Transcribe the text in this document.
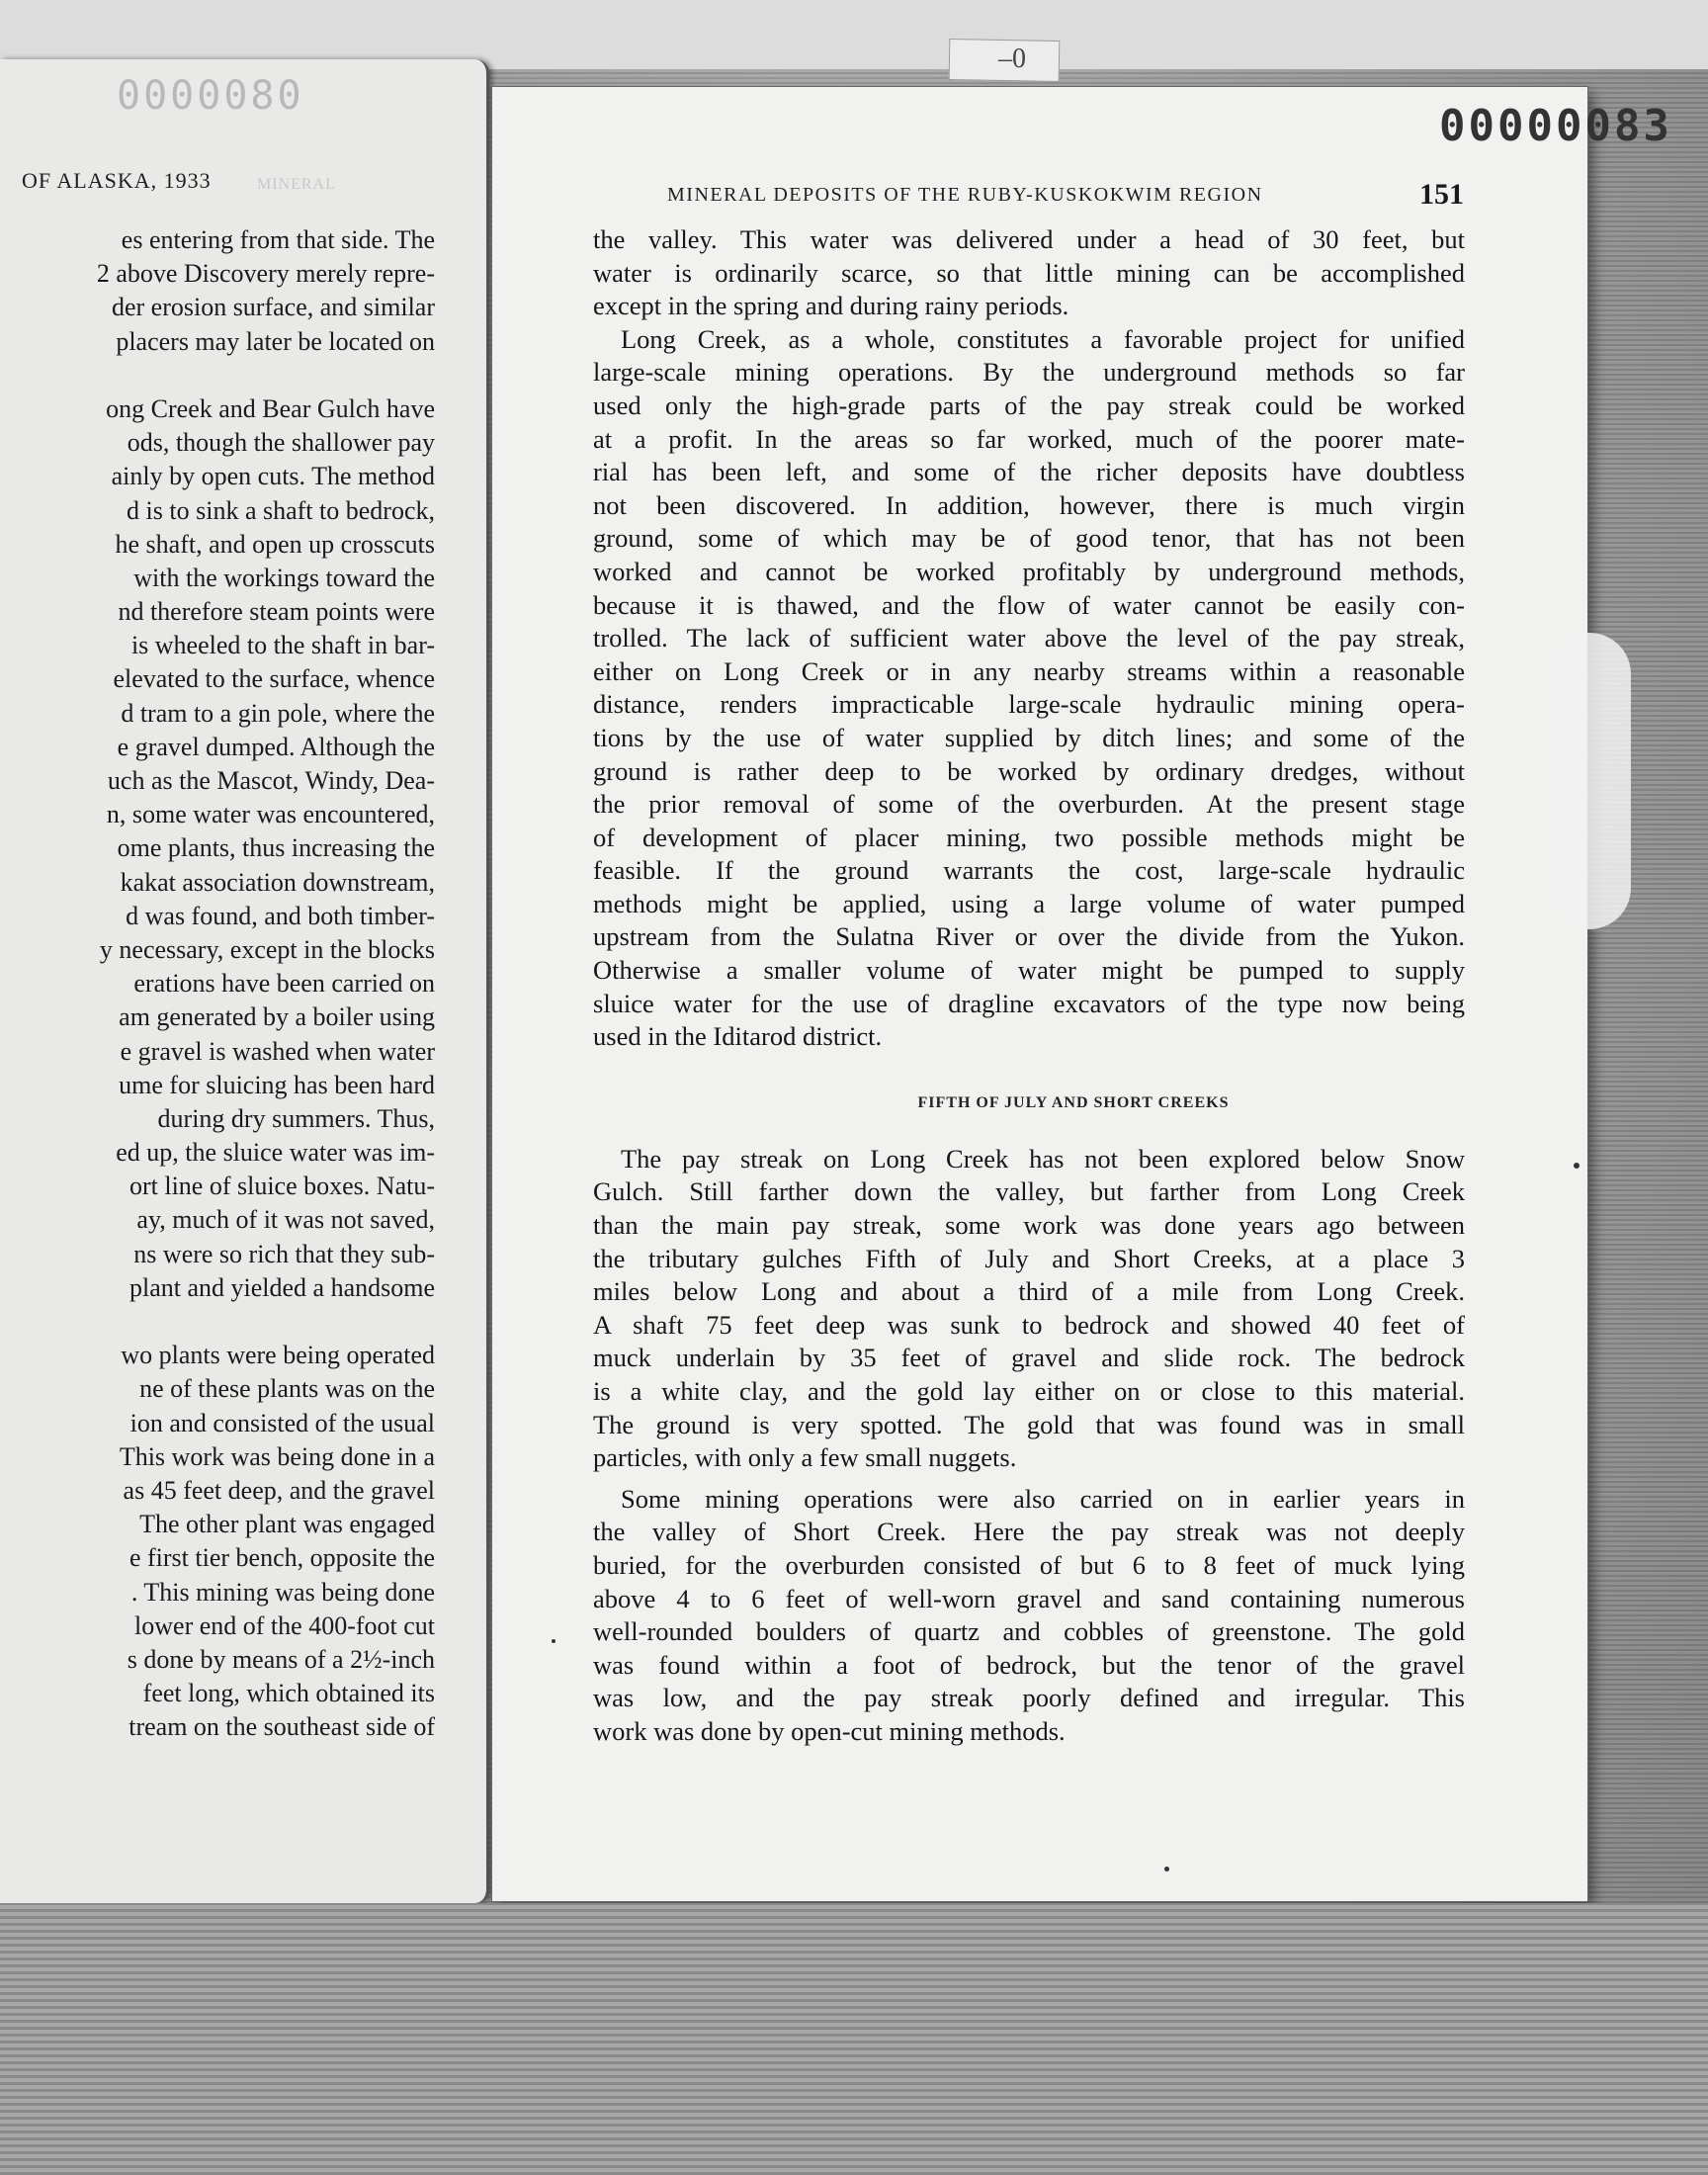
–0
0000080
OF ALASKA, 1933	MINERAL
es entering from that side. The
2 above Discovery merely repre-
der erosion surface, and similar
placers may later be located on
ong Creek and Bear Gulch have
ods, though the shallower pay
ainly by open cuts. The method
d is to sink a shaft to bedrock,
he shaft, and open up crosscuts
with the workings toward the
nd therefore steam points were
is wheeled to the shaft in bar-
elevated to the surface, whence
d tram to a gin pole, where the
e gravel dumped. Although the
uch as the Mascot, Windy, Dea-
n, some water was encountered,
ome plants, thus increasing the
kakat association downstream,
d was found, and both timber-
y necessary, except in the blocks
erations have been carried on
am generated by a boiler using
e gravel is washed when water
ume for sluicing has been hard
during dry summers. Thus,
ed up, the sluice water was im-
ort line of sluice boxes. Natu-
ay, much of it was not saved,
ns were so rich that they sub-
plant and yielded a handsome
wo plants were being operated
ne of these plants was on the
ion and consisted of the usual
This work was being done in a
as 45 feet deep, and the gravel
The other plant was engaged
e first tier bench, opposite the
. This mining was being done
lower end of the 400-foot cut
s done by means of a 2½-inch
feet long, which obtained its
tream on the southeast side of
00000083
MINERAL DEPOSITS OF THE RUBY-KUSKOKWIM REGION	151
the valley. This water was delivered under a head of 30 feet, but
water is ordinarily scarce, so that little mining can be accomplished
except in the spring and during rainy periods.
Long Creek, as a whole, constitutes a favorable project for unified
large-scale mining operations. By the underground methods so far
used only the high-grade parts of the pay streak could be worked
at a profit. In the areas so far worked, much of the poorer mate-
rial has been left, and some of the richer deposits have doubtless
not been discovered. In addition, however, there is much virgin
ground, some of which may be of good tenor, that has not been
worked and cannot be worked profitably by underground methods,
because it is thawed, and the flow of water cannot be easily con-
trolled. The lack of sufficient water above the level of the pay streak,
either on Long Creek or in any nearby streams within a reasonable
distance, renders impracticable large-scale hydraulic mining opera-
tions by the use of water supplied by ditch lines; and some of the
ground is rather deep to be worked by ordinary dredges, without
the prior removal of some of the overburden. At the present stage
of development of placer mining, two possible methods might be
feasible. If the ground warrants the cost, large-scale hydraulic
methods might be applied, using a large volume of water pumped
upstream from the Sulatna River or over the divide from the Yukon.
Otherwise a smaller volume of water might be pumped to supply
sluice water for the use of dragline excavators of the type now being
used in the Iditarod district.
FIFTH OF JULY AND SHORT CREEKS
The pay streak on Long Creek has not been explored below Snow
Gulch. Still farther down the valley, but farther from Long Creek
than the main pay streak, some work was done years ago between
the tributary gulches Fifth of July and Short Creeks, at a place 3
miles below Long and about a third of a mile from Long Creek.
A shaft 75 feet deep was sunk to bedrock and showed 40 feet of
muck underlain by 35 feet of gravel and slide rock. The bedrock
is a white clay, and the gold lay either on or close to this material.
The ground is very spotted. The gold that was found was in small
particles, with only a few small nuggets.
Some mining operations were also carried on in earlier years in
the valley of Short Creek. Here the pay streak was not deeply
buried, for the overburden consisted of but 6 to 8 feet of muck lying
above 4 to 6 feet of well-worn gravel and sand containing numerous
well-rounded boulders of quartz and cobbles of greenstone. The gold
was found within a foot of bedrock, but the tenor of the gravel
was low, and the pay streak poorly defined and irregular. This
work was done by open-cut mining methods.
